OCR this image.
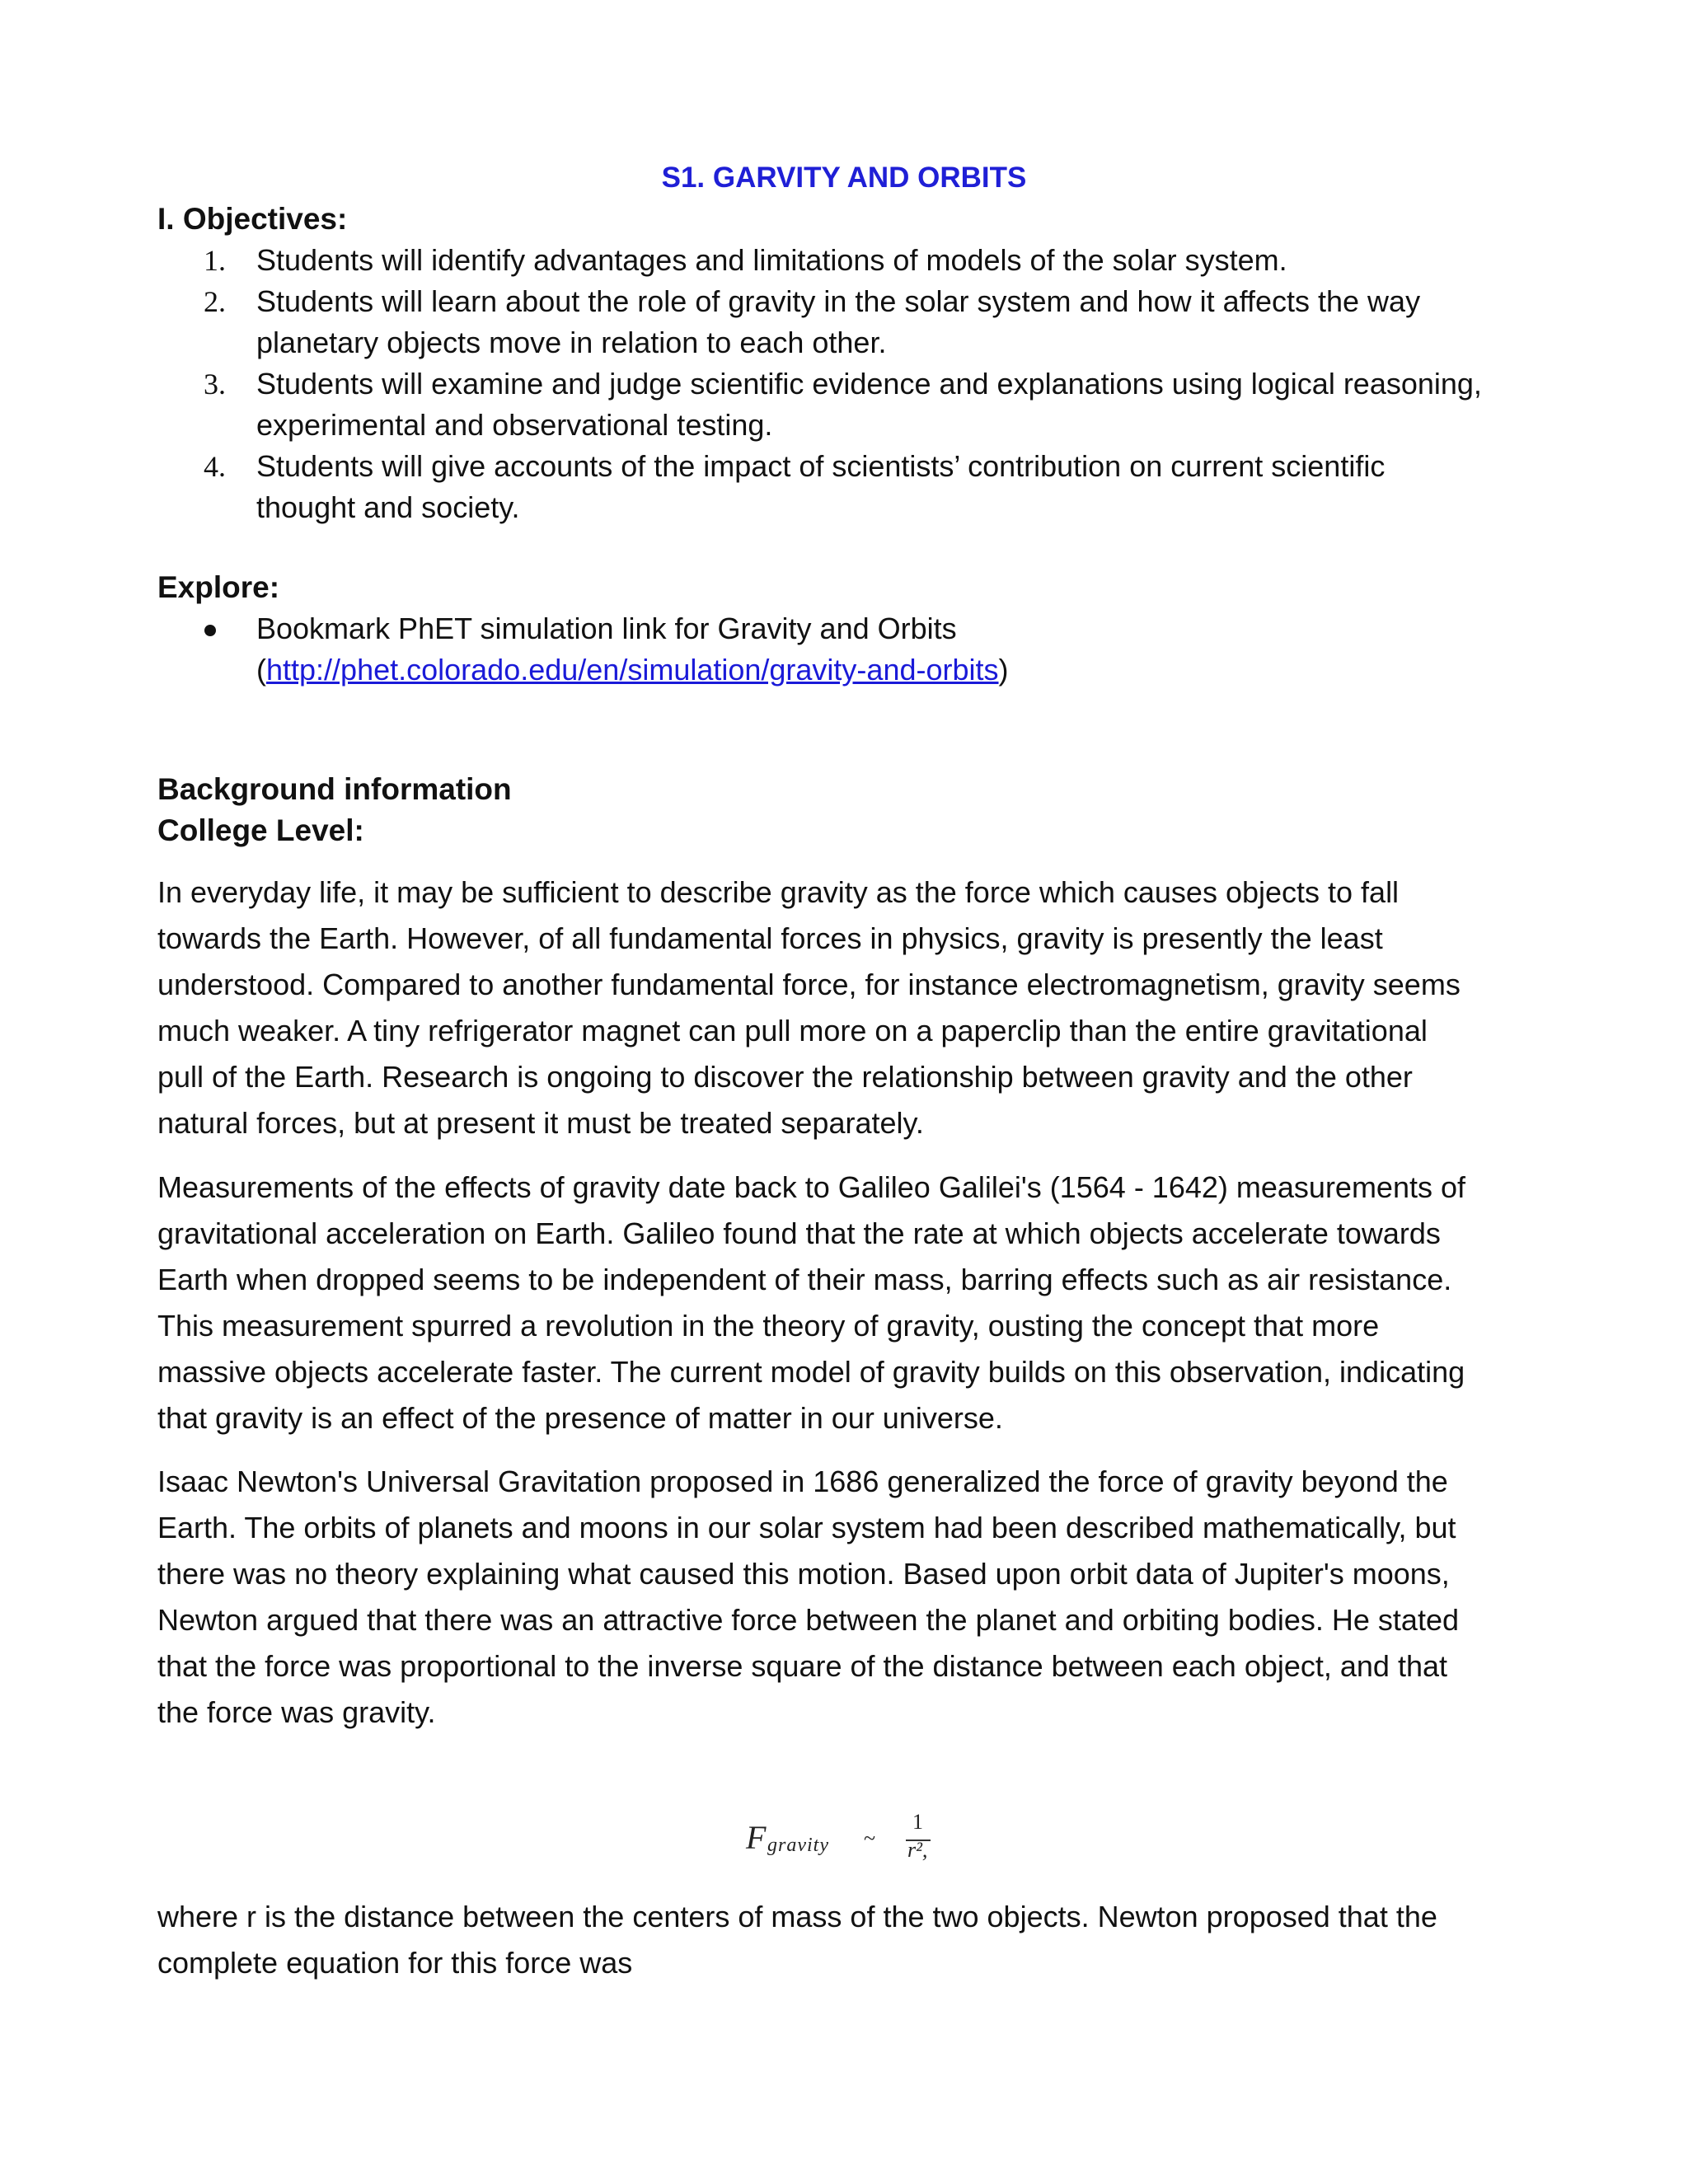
S1. GARVITY AND ORBITS
I. Objectives:
1.	Students will identify advantages and limitations of models of the solar system.
2.	Students will learn about the role of gravity in the solar system and how it affects the way
planetary objects move in relation to each other.
3.	Students will examine and judge scientific evidence and explanations using logical reasoning,
experimental and observational testing.
4.	Students will give accounts of the impact of scientists’ contribution on current scientific
thought and society.
Explore:
Bookmark PhET simulation link for Gravity and Orbits
(http://phet.colorado.edu/en/simulation/gravity-and-orbits)
Background information
College Level:

In everyday life, it may be sufficient to describe gravity as the force which causes objects to fall
towards the Earth. However, of all fundamental forces in physics, gravity is presently the least
understood. Compared to another fundamental force, for instance electromagnetism, gravity seems
much weaker. A tiny refrigerator magnet can pull more on a paperclip than the entire gravitational
pull of the Earth. Research is ongoing to discover the relationship between gravity and the other
natural forces, but at present it must be treated separately.

Measurements of the effects of gravity date back to Galileo Galilei's (1564 - 1642) measurements of
gravitational acceleration on Earth. Galileo found that the rate at which objects accelerate towards
Earth when dropped seems to be independent of their mass, barring effects such as air resistance.
This measurement spurred a revolution in the theory of gravity, ousting the concept that more
massive objects accelerate faster. The current model of gravity builds on this observation, indicating
that gravity is an effect of the presence of matter in our universe.

Isaac Newton's Universal Gravitation proposed in 1686 generalized the force of gravity beyond the
Earth. The orbits of planets and moons in our solar system had been described mathematically, but
there was no theory explaining what caused this motion. Based upon orbit data of Jupiter's moons,
Newton argued that there was an attractive force between the planet and orbiting bodies. He stated
that the force was proportional to the inverse square of the distance between each object, and that
the force was gravity.

F gravity ~
1
r²,

where r is the distance between the centers of mass of the two objects. Newton proposed that the
complete equation for this force was
